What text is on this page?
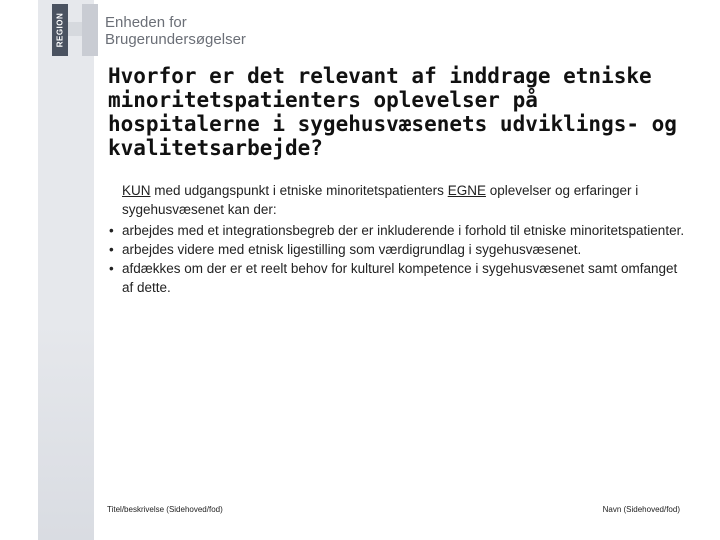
REGION	Enheden for
Brugerundersøgelser
Hvorfor er det relevant af inddrage etniske minoritetspatienters oplevelser på hospitalerne i sygehusvæsenets udviklings- og kvalitetsarbejde?

KUN med udgangspunkt i etniske minoritetspatienters EGNE oplevelser og erfaringer i sygehusvæsenet kan der:

• arbejdes med et integrationsbegreb der er inkluderende i forhold til etniske minoritetspatienter.
• arbejdes videre med etnisk ligestilling som værdigrundlag i sygehusvæsenet.
• afdækkes om der er et reelt behov for kulturel kompetence i sygehusvæsenet samt omfanget af dette.
Titel/beskrivelse (Sidehoved/fod)	Navn (Sidehoved/fod)
